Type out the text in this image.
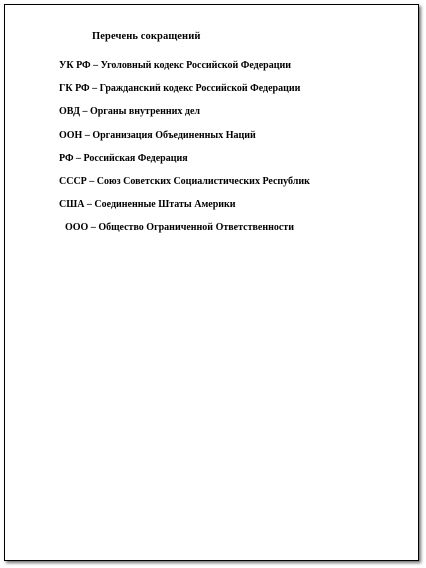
Перечень сокращений
УК РФ – Уголовный кодекс Российской Федерации
ГК РФ – Гражданский кодекс Российской Федерации
ОВД – Органы внутренних дел
ООН – Организация Объединенных Наций
РФ – Российская Федерация
СССР – Союз Советских Социалистических Республик
США – Соединенные Штаты Америки
ООО – Общество Ограниченной Ответственности
